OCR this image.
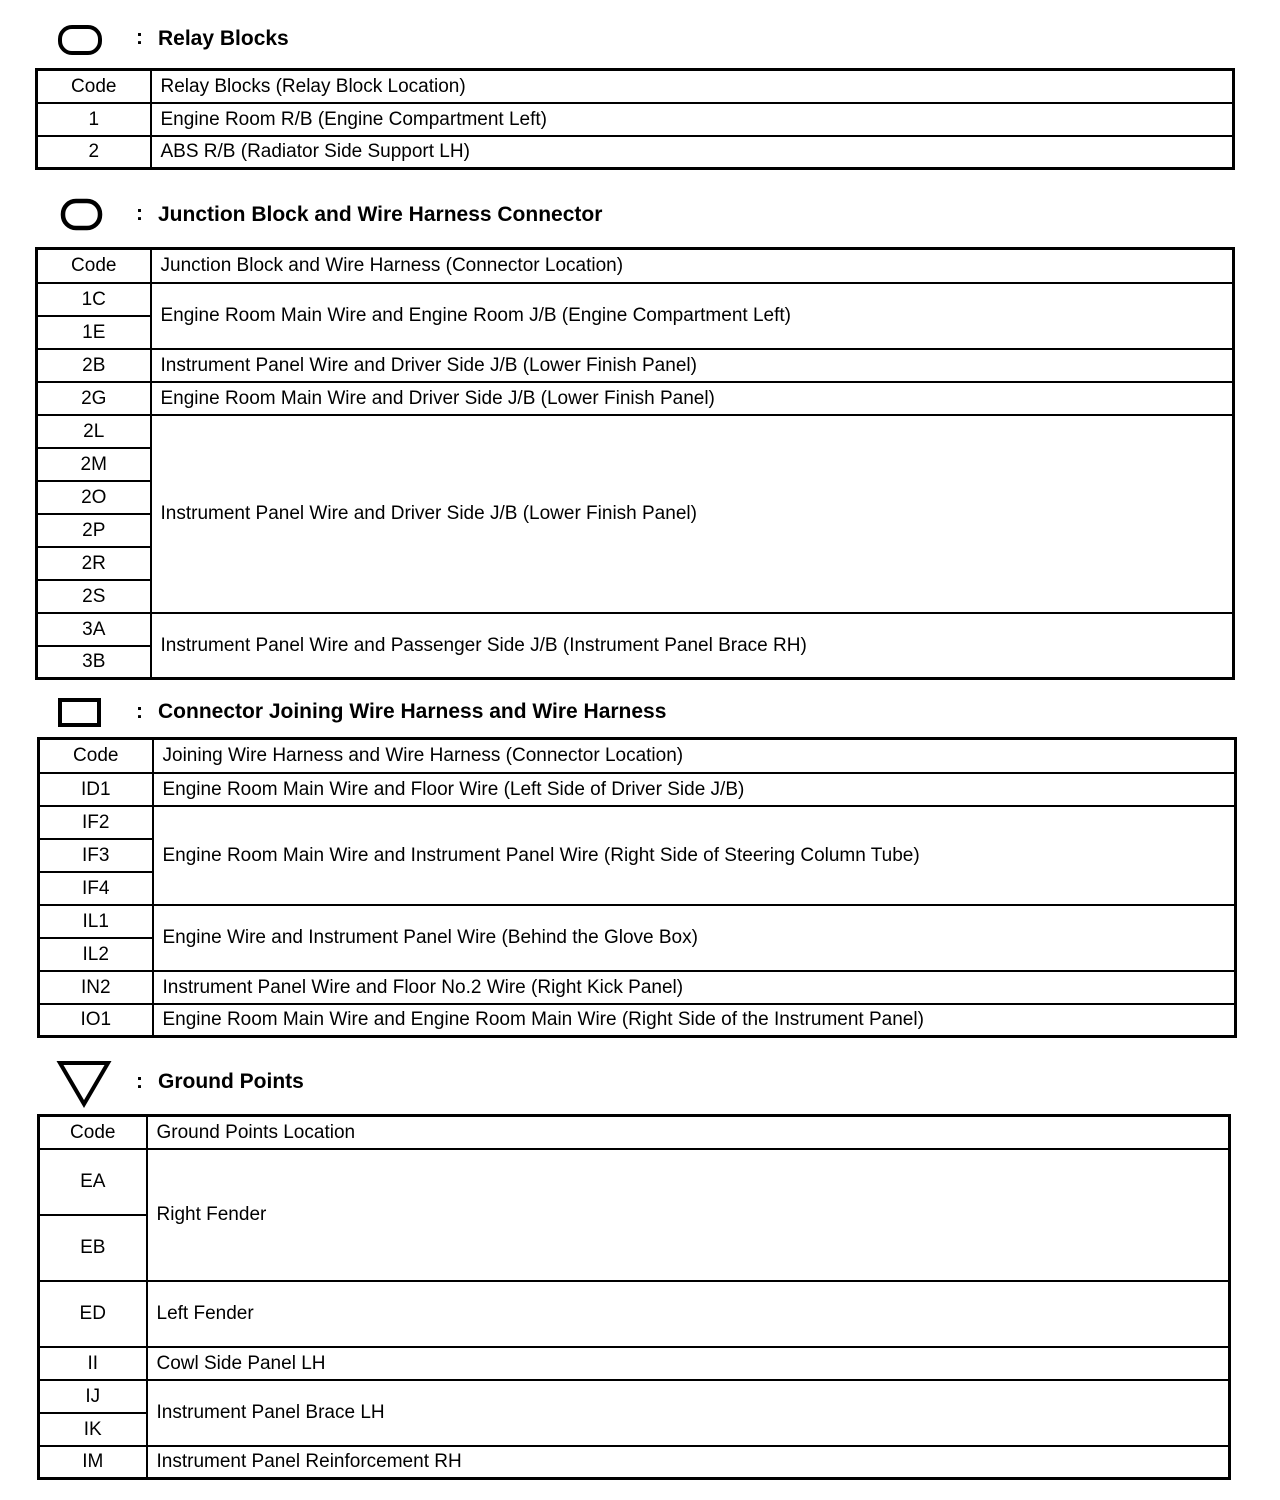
: Relay Blocks
Code	Relay Blocks (Relay Block Location)
1	Engine Room R/B (Engine Compartment Left)
2	ABS R/B (Radiator Side Support LH)
: Junction Block and Wire Harness Connector
Code	Junction Block and Wire Harness (Connector Location)
1C	Engine Room Main Wire and Engine Room J/B (Engine Compartment Left)
1E	
2B	Instrument Panel Wire and Driver Side J/B (Lower Finish Panel)
2G	Engine Room Main Wire and Driver Side J/B (Lower Finish Panel)
2L	Instrument Panel Wire and Driver Side J/B (Lower Finish Panel)
2M	
2O	
2P	
2R	
2S	
3A	Instrument Panel Wire and Passenger Side J/B (Instrument Panel Brace RH)
3B	
: Connector Joining Wire Harness and Wire Harness
Code	Joining Wire Harness and Wire Harness (Connector Location)
ID1	Engine Room Main Wire and Floor Wire (Left Side of Driver Side J/B)
IF2	Engine Room Main Wire and Instrument Panel Wire (Right Side of Steering Column Tube)
IF3	
IF4	
IL1	Engine Wire and Instrument Panel Wire (Behind the Glove Box)
IL2	
IN2	Instrument Panel Wire and Floor No.2 Wire (Right Kick Panel)
IO1	Engine Room Main Wire and Engine Room Main Wire (Right Side of the Instrument Panel)
: Ground Points
Code	Ground Points Location
EA	Right Fender
EB	
ED	Left Fender
II	Cowl Side Panel LH
IJ	Instrument Panel Brace LH
IK	
IM	Instrument Panel Reinforcement RH
